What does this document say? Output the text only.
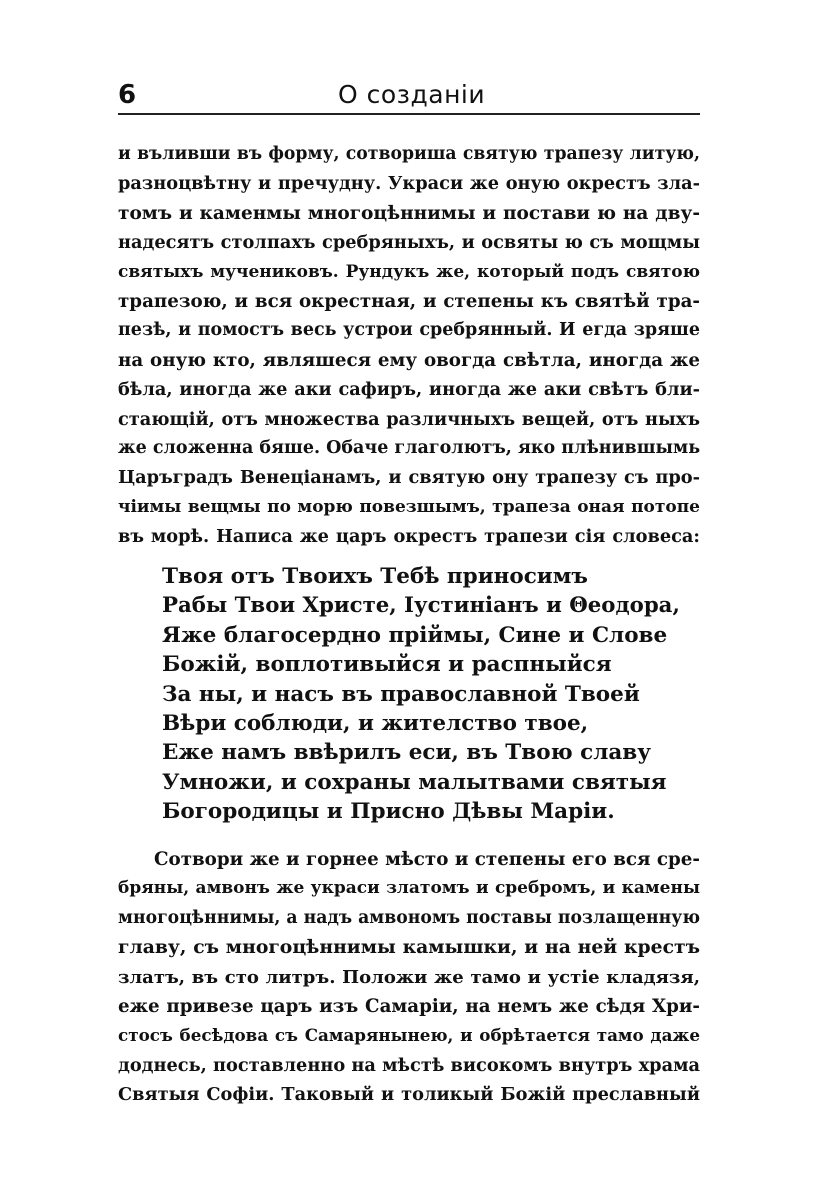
6	О созданіи
и въливши въ форму, сотвориша святую трапезу литую,
разноцвѣтну и пречудну. Украси же оную окрестъ зла-
томъ и каменмы многоцѣннимы и постави ю на дву-
надесятъ столпахъ сребряныхъ, и освяты ю съ мощмы
святыхъ мучениковъ. Рундукъ же, который подъ святою
трапезою, и вся окрестная, и степены къ святѣй тра-
пезѣ, и помостъ весь устрои сребрянный. И егда зряше
на оную кто, являшеся ему овогда свѣтла, иногда же
бѣла, иногда же аки сафиръ, иногда же аки свѣтъ бли-
стающій, отъ множества различныхъ вещей, отъ ныхъ
же сложенна бяше. Обаче глаголютъ, яко плѣнившымь
Царъградъ Венеціанамъ, и святую ону трапезу съ про-
чіимы вещмы по морю повезшымъ, трапеза оная потопе
въ морѣ. Написа же царъ окрестъ трапези сія словеса:
Твоя отъ Твоихъ Тебѣ приносимъ
Рабы Твои Христе, Іустиніанъ и Θеодора,
Яже благосердно пріймы, Сине и Слове
Божій, воплотивыйся и распныйся
За ны, и насъ въ православной Твоей
Вѣри соблюди, и жителство твое,
Еже намъ ввѣрилъ еси, въ Твою славу
Умножи, и сохраны малытвами святыя
Богородицы и Присно Дѣвы Маріи.
Сотвори же и горнее мѣсто и степены его вся сре-
бряны, амвонъ же украси златомъ и сребромъ, и камены
многоцѣннимы, а надъ амвономъ поставы позлащенную
главу, съ многоцѣннимы камышки, и на ней крестъ
златъ, въ сто литръ. Положи же тамо и устіе кладязя,
еже привезе царъ изъ Самаріи, на немъ же сѣдя Хри-
стосъ бесѣдова съ Самарянынею, и обрѣтается тамо даже
доднесь, поставленно на мѣстѣ високомъ внутръ храма
Святыя Софіи. Таковый и толикый Божій преславный
